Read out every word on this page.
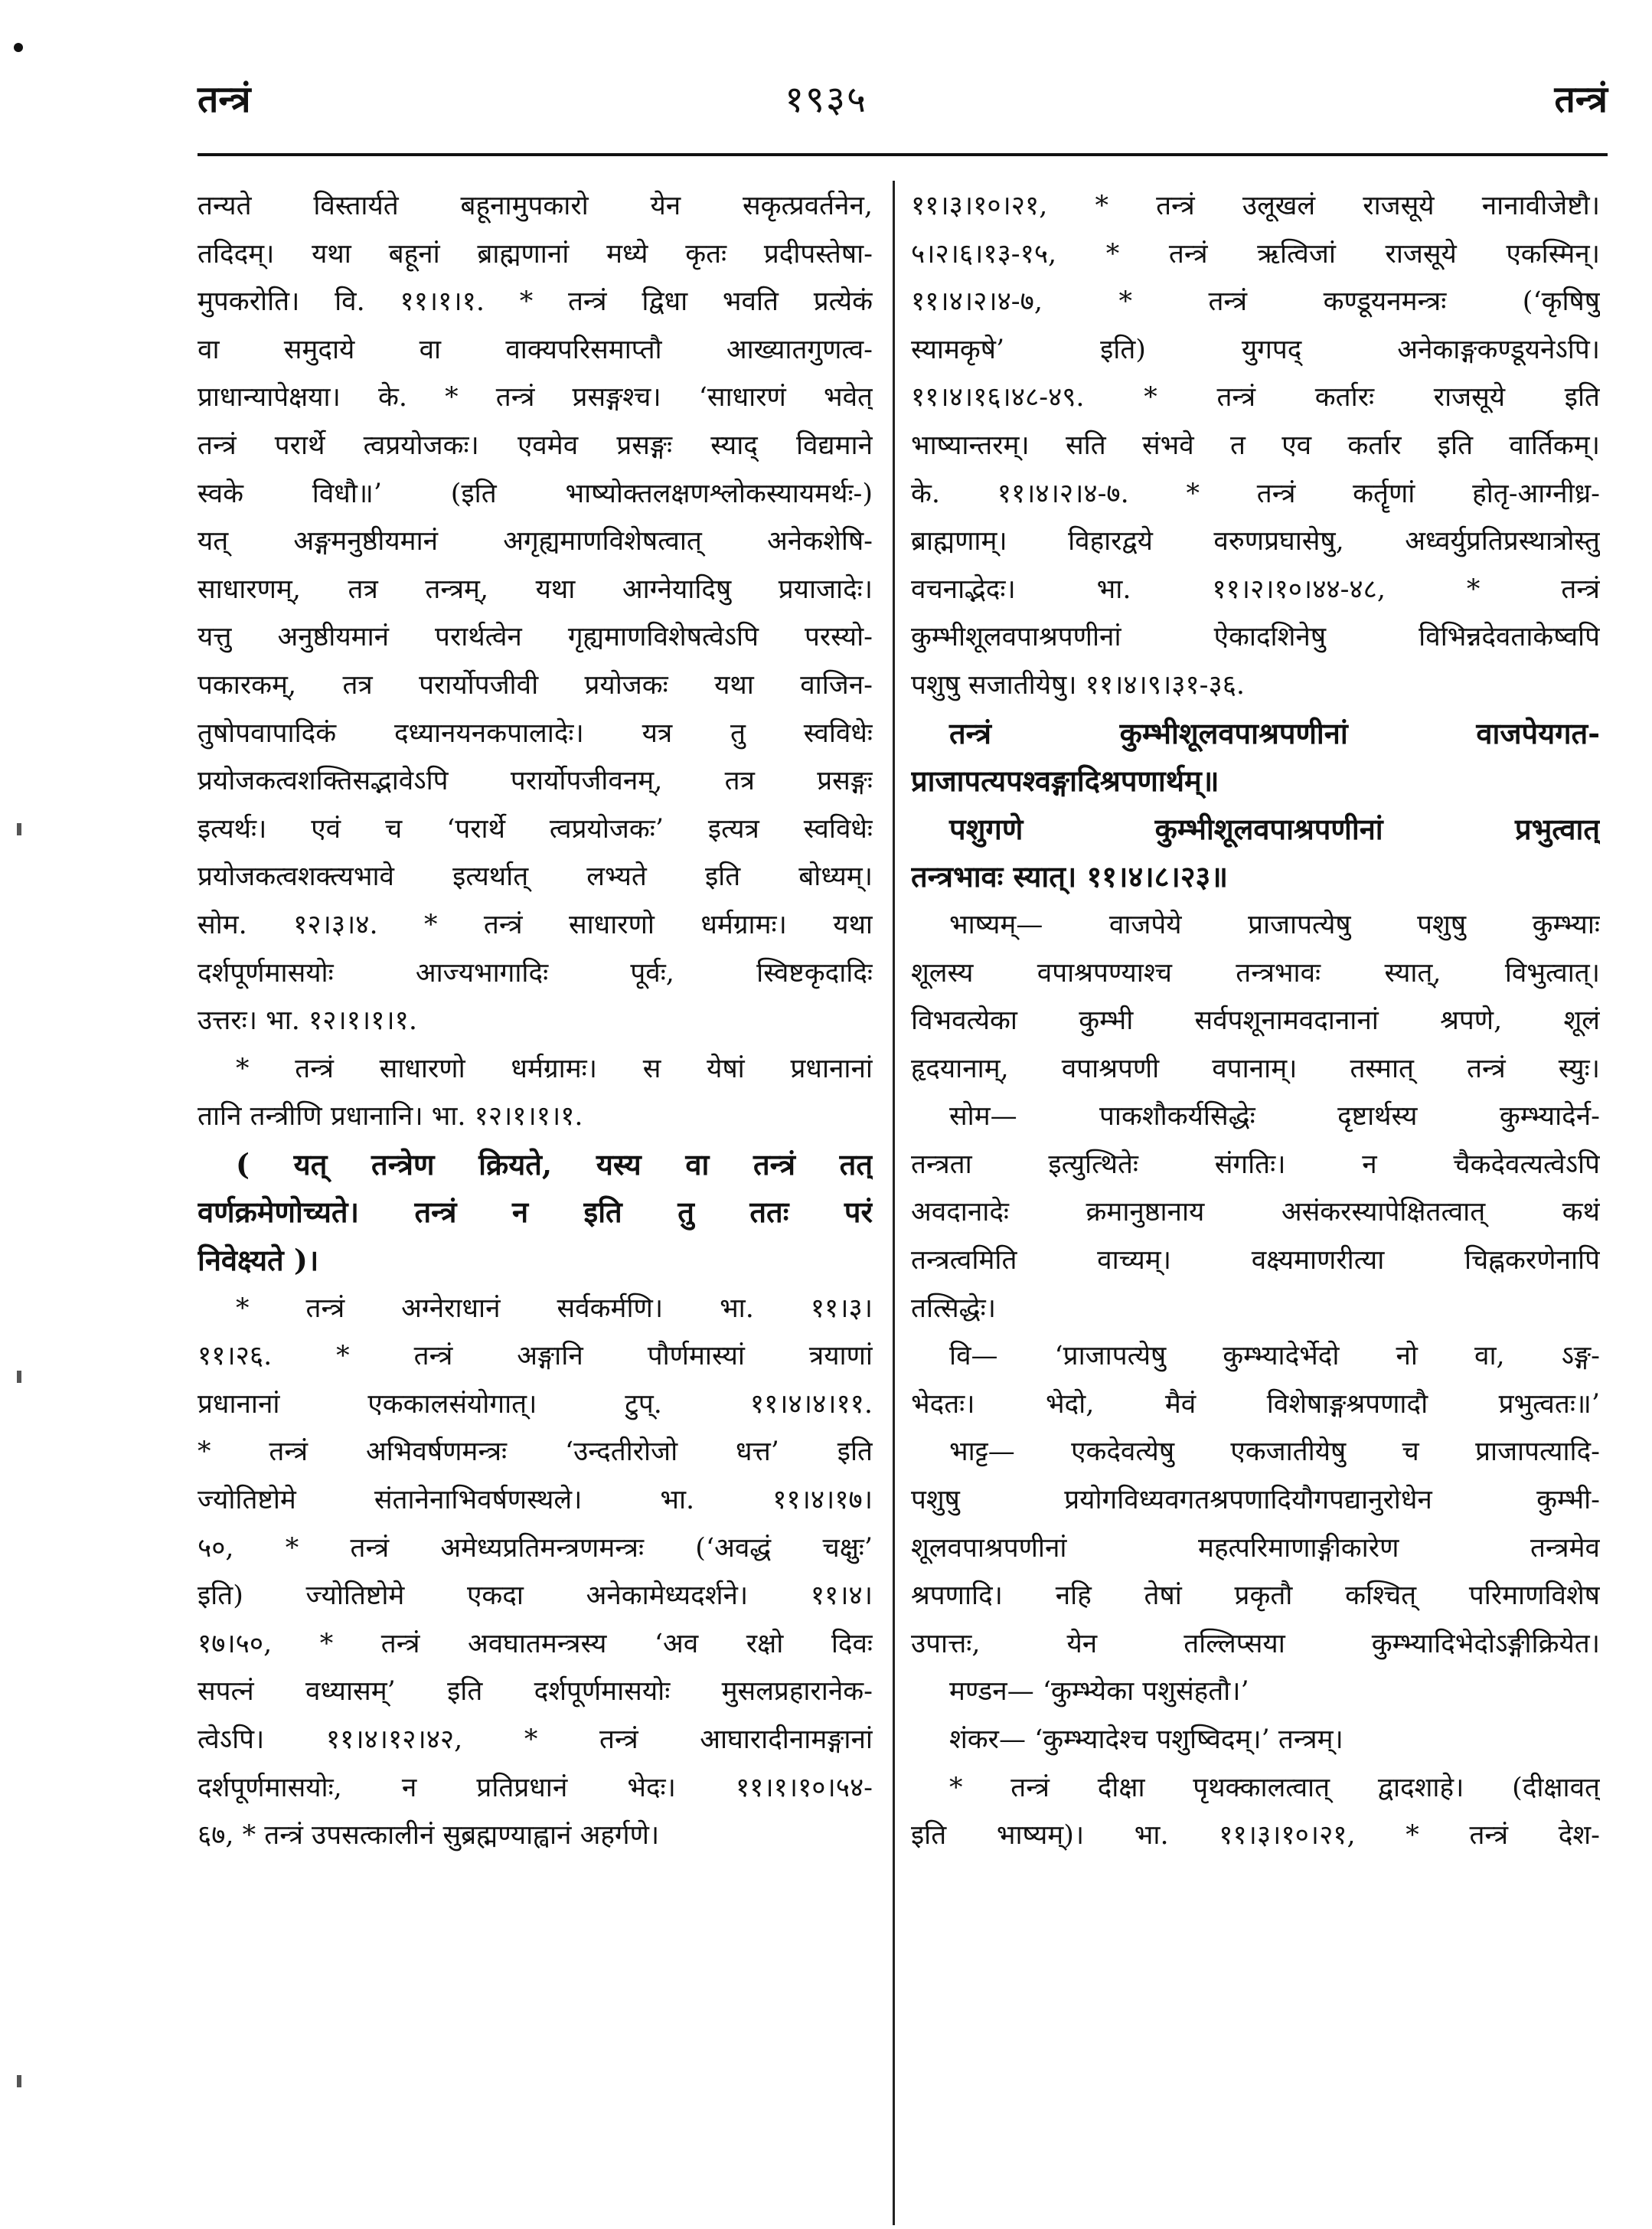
तन्त्रं	१९३५	तन्त्रं
तन्यते विस्तार्यते बहूनामुपकारो येन सकृत्प्रवर्तनेन,
तदिदम्। यथा बहूनां ब्राह्मणानां मध्ये कृतः प्रदीपस्तेषा-
मुपकरोति। वि. ११।१।१. * तन्त्रं द्विधा भवति प्रत्येकं
वा समुदाये वा वाक्यपरिसमाप्तौ आख्यातगुणत्व-
प्राधान्यापेक्षया। के. * तन्त्रं प्रसङ्गश्च। ‘साधारणं भवेत्
तन्त्रं परार्थे त्वप्रयोजकः। एवमेव प्रसङ्गः स्याद् विद्यमाने
स्वके विधौ॥’ (इति भाष्योक्तलक्षणश्लोकस्यायमर्थः-)
यत् अङ्गमनुष्ठीयमानं अगृह्यमाणविशेषत्वात् अनेकशेषि-
साधारणम्, तत्र तन्त्रम्, यथा आग्नेयादिषु प्रयाजादेः।
यत्तु अनुष्ठीयमानं परार्थत्वेन गृह्यमाणविशेषत्वेऽपि परस्यो-
पकारकम्, तत्र परार्योपजीवी प्रयोजकः यथा वाजिन-
तुषोपवापादिकं दध्यानयनकपालादेः। यत्र तु स्वविधेः
प्रयोजकत्वशक्तिसद्भावेऽपि परार्योपजीवनम्, तत्र प्रसङ्गः
इत्यर्थः। एवं च ‘परार्थे त्वप्रयोजकः’ इत्यत्र स्वविधेः
प्रयोजकत्वशक्त्यभावे इत्यर्थात् लभ्यते इति बोध्यम्।
सोम. १२।३।४. * तन्त्रं साधारणो धर्मग्रामः। यथा
दर्शपूर्णमासयोः आज्यभागादिः पूर्वः, स्विष्टकृदादिः
उत्तरः। भा. १२।१।१।१.
* तन्त्रं साधारणो धर्मग्रामः। स येषां प्रधानानां
तानि तन्त्रीणि प्रधानानि। भा. १२।१।१।१.
( यत् तन्त्रेण क्रियते, यस्य वा तन्त्रं तत्
वर्णक्रमेणोच्यते। तन्त्रं न इति तु ततः परं
निवेक्ष्यते )।
* तन्त्रं अग्नेराधानं सर्वकर्मणि। भा. ११।३।
११।२६. * तन्त्रं अङ्गानि पौर्णमास्यां त्रयाणां
प्रधानानां एककालसंयोगात्। टुप्. ११।४।४।११.
* तन्त्रं अभिवर्षणमन्त्रः ‘उन्दतीरोजो धत्त’ इति
ज्योतिष्टोमे संतानेनाभिवर्षणस्थले। भा. ११।४।१७।
५०, * तन्त्रं अमेध्यप्रतिमन्त्रणमन्त्रः (‘अवद्धं चक्षुः’
इति) ज्योतिष्टोमे एकदा अनेकामेध्यदर्शने। ११।४।
१७।५०, * तन्त्रं अवघातमन्त्रस्य ‘अव रक्षो दिवः
सपत्नं वध्यासम्’ इति दर्शपूर्णमासयोः मुसलप्रहारानेक-
त्वेऽपि। ११।४।१२।४२, * तन्त्रं आघारादीनामङ्गानां
दर्शपूर्णमासयोः, न प्रतिप्रधानं भेदः। ११।१।१०।५४-
६७, * तन्त्रं उपसत्कालीनं सुब्रह्मण्याह्वानं अहर्गणे।
११।३।१०।२१, * तन्त्रं उलूखलं राजसूये नानावीजेष्टौ।
५।२।६।१३-१५, * तन्त्रं ऋत्विजां राजसूये एकस्मिन्।
११।४।२।४-७, * तन्त्रं कण्डूयनमन्त्रः (‘कृषिषु
स्यामकृषे’ इति) युगपद् अनेकाङ्गकण्डूयनेऽपि।
११।४।१६।४८-४९. * तन्त्रं कर्तारः राजसूये इति
भाष्यान्तरम्। सति संभवे त एव कर्तार इति वार्तिकम्।
के. ११।४।२।४-७. * तन्त्रं कर्तॄणां होतृ-आग्नीध्र-
ब्राह्मणाम्। विहारद्वये वरुणप्रघासेषु, अध्वर्युप्रतिप्रस्थात्रोस्तु
वचनाद्भेदः। भा. ११।२।१०।४४-४८, * तन्त्रं
कुम्भीशूलवपाश्रपणीनां ऐकादशिनेषु विभिन्नदेवताकेष्वपि
पशुषु सजातीयेषु। ११।४।९।३१-३६.
तन्त्रं कुम्भीशूलवपाश्रपणीनां वाजपेयगत-
प्राजापत्यपश्वङ्गादिश्रपणार्थम्॥
पशुगणे कुम्भीशूलवपाश्रपणीनां प्रभुत्वात्
तन्त्रभावः स्यात्। ११।४।८।२३॥
भाष्यम्— वाजपेये प्राजापत्येषु पशुषु कुम्भ्याः
शूलस्य वपाश्रपण्याश्च तन्त्रभावः स्यात्, विभुत्वात्।
विभवत्येका कुम्भी सर्वपशूनामवदानानां श्रपणे, शूलं
हृदयानाम्, वपाश्रपणी वपानाम्। तस्मात् तन्त्रं स्युः।
सोम— पाकशौकर्यसिद्धेः दृष्टार्थस्य कुम्भ्यादेर्न-
तन्त्रता इत्युत्थितेः संगतिः। न चैकदेवत्यत्वेऽपि
अवदानादेः क्रमानुष्ठानाय असंकरस्यापेक्षितत्वात् कथं
तन्त्रत्वमिति वाच्यम्। वक्ष्यमाणरीत्या चिह्नकरणेनापि
तत्सिद्धेः।
वि— ‘प्राजापत्येषु कुम्भ्यादेर्भेदो नो वा, ऽङ्ग-
भेदतः। भेदो, मैवं विशेषाङ्गश्रपणादौ प्रभुत्वतः॥’
भाट्ट— एकदेवत्येषु एकजातीयेषु च प्राजापत्यादि-
पशुषु प्रयोगविध्यवगतश्रपणादियौगपद्यानुरोधेन कुम्भी-
शूलवपाश्रपणीनां महत्परिमाणाङ्गीकारेण तन्त्रमेव
श्रपणादि। नहि तेषां प्रकृतौ कश्चित् परिमाणविशेष
उपात्तः, येन तल्लिप्सया कुम्भ्यादिभेदोऽङ्गीक्रियेत।
मण्डन— ‘कुम्भ्येका पशुसंहतौ।’
शंकर— ‘कुम्भ्यादेश्च पशुष्विदम्।’ तन्त्रम्।
* तन्त्रं दीक्षा पृथक्कालत्वात् द्वादशाहे। (दीक्षावत्
इति भाष्यम्)। भा. ११।३।१०।२१, * तन्त्रं देश-
